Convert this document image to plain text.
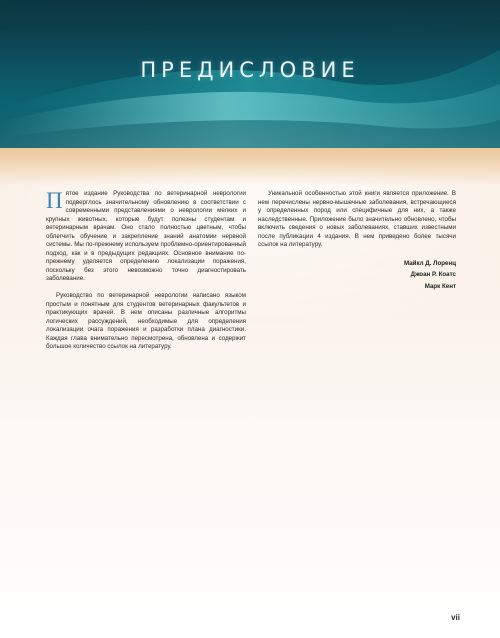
ПРЕДИСЛОВИЕ

Пятое издание Руководства по ветеринарной неврологии подверглось значительному обновлению в соответствии с современными представлениями о неврологии мелких и крупных животных, которые будут полезны студентам и ветеринарным врачам. Оно стало полностью цветным, чтобы облегчить обучение и закрепление знаний анатомии нервной системы. Мы по-прежнему используем проблемно-ориентированный подход, как и в предыдущих редакциях. Основное внимание по-прежнему уделяется определению локализации поражения, поскольку без этого невозможно точно диагностировать заболевание.

Руководство по ветеринарной неврологии написано языком простым и понятным для студентов ветеринарных факультетов и практикующих врачей. В нем описаны различные алгоритмы логических рассуждений, необходимые для определения локализации очага поражения и разработки плана диагностики. Каждая глава внимательно пересмотрена, обновлена и содержит большое количество ссылок на литературу.

Уникальной особенностью этой книги является приложение. В нем перечислены нервно-мышечные заболевания, встречающиеся у определенных пород или специфичные для них, а также наследственные. Приложение было значительно обновлено, чтобы включить сведения о новых заболеваниях, ставших известными после публикации 4 издания. В нем приведено более тысячи ссылок на литературу.

Майкл Д. Лоренц
Джоан Р. Коатс
Марк Кент
vii
